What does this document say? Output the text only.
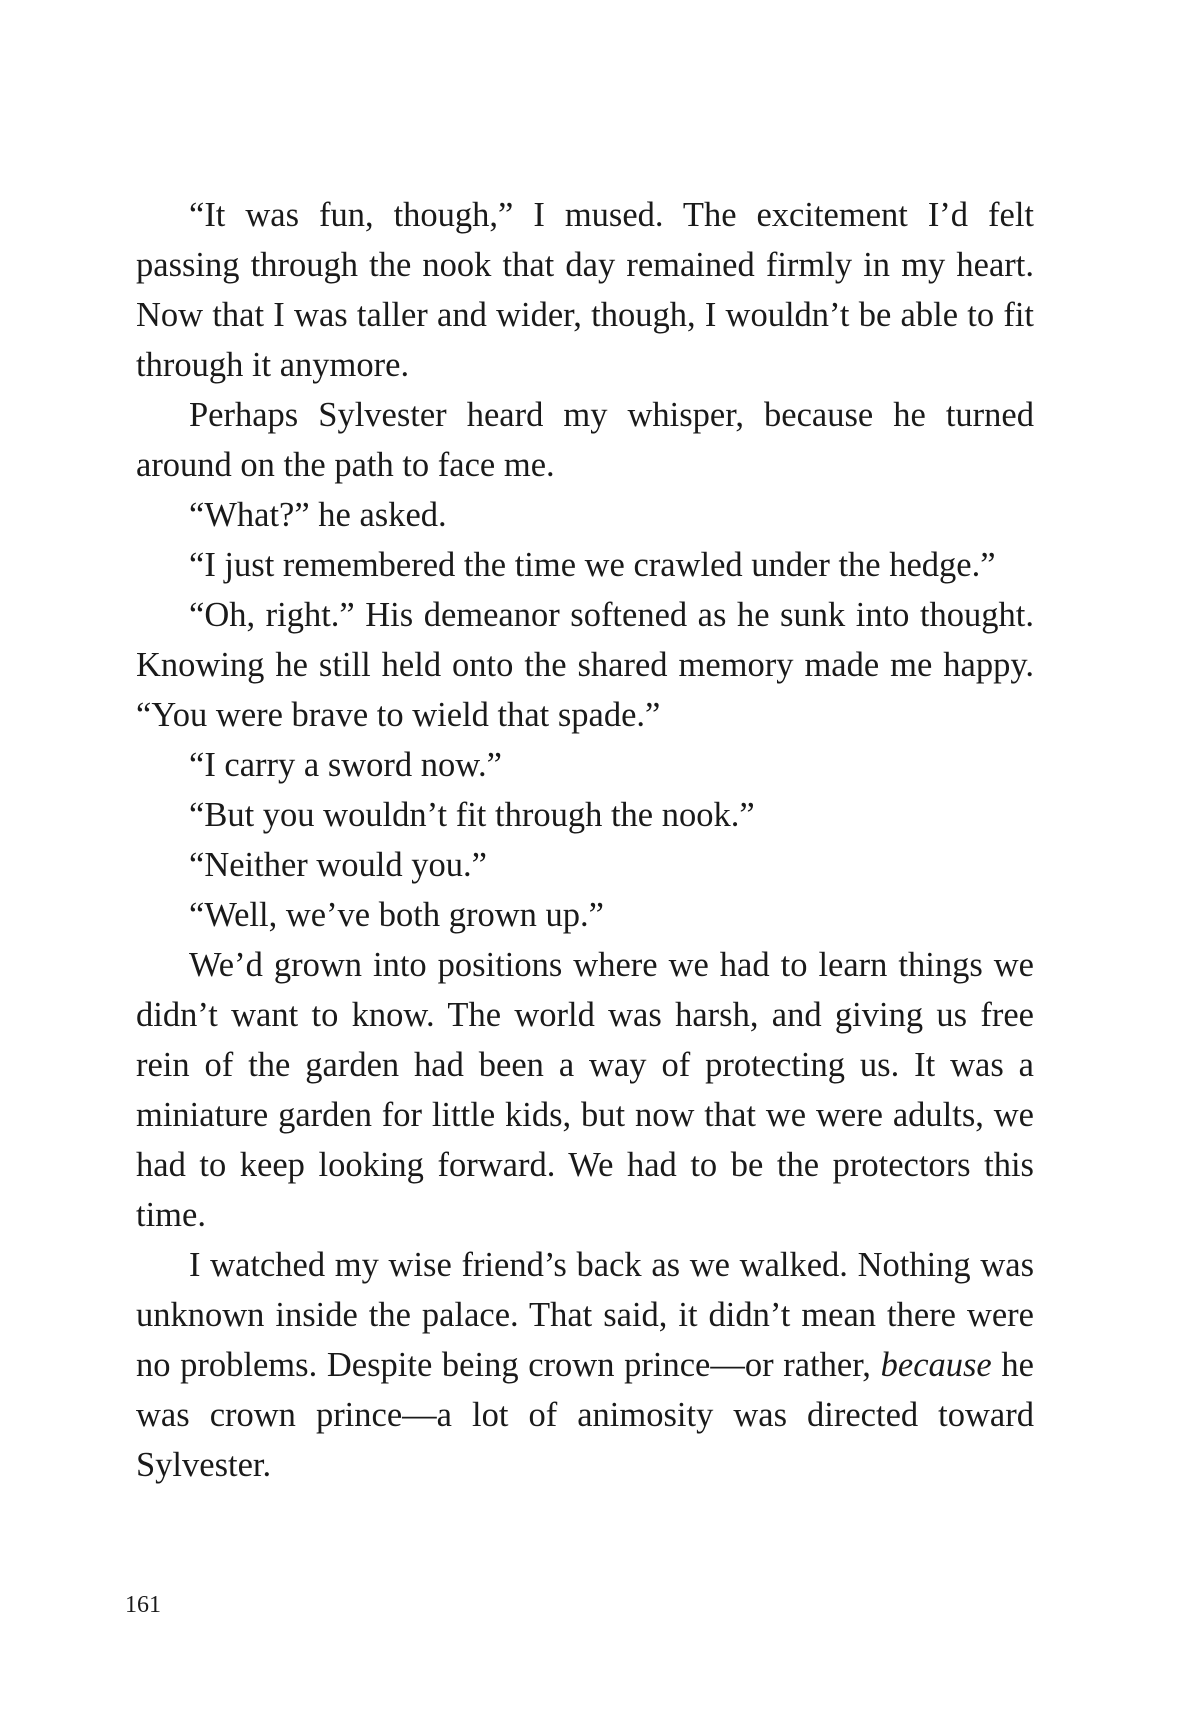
“It was fun, though,” I mused. The excitement I’d felt passing through the nook that day remained firmly in my heart. Now that I was taller and wider, though, I wouldn’t be able to fit through it anymore.

Perhaps Sylvester heard my whisper, because he turned around on the path to face me.

“What?” he asked.

“I just remembered the time we crawled under the hedge.”

“Oh, right.” His demeanor softened as he sunk into thought. Knowing he still held onto the shared memory made me happy. “You were brave to wield that spade.”

“I carry a sword now.”

“But you wouldn’t fit through the nook.”

“Neither would you.”

“Well, we’ve both grown up.”

We’d grown into positions where we had to learn things we didn’t want to know. The world was harsh, and giving us free rein of the garden had been a way of protecting us. It was a miniature garden for little kids, but now that we were adults, we had to keep looking forward. We had to be the protectors this time.

I watched my wise friend’s back as we walked. Nothing was unknown inside the palace. That said, it didn’t mean there were no problems. Despite being crown prince—or rather, because he was crown prince—a lot of animosity was directed toward Sylvester.

161
